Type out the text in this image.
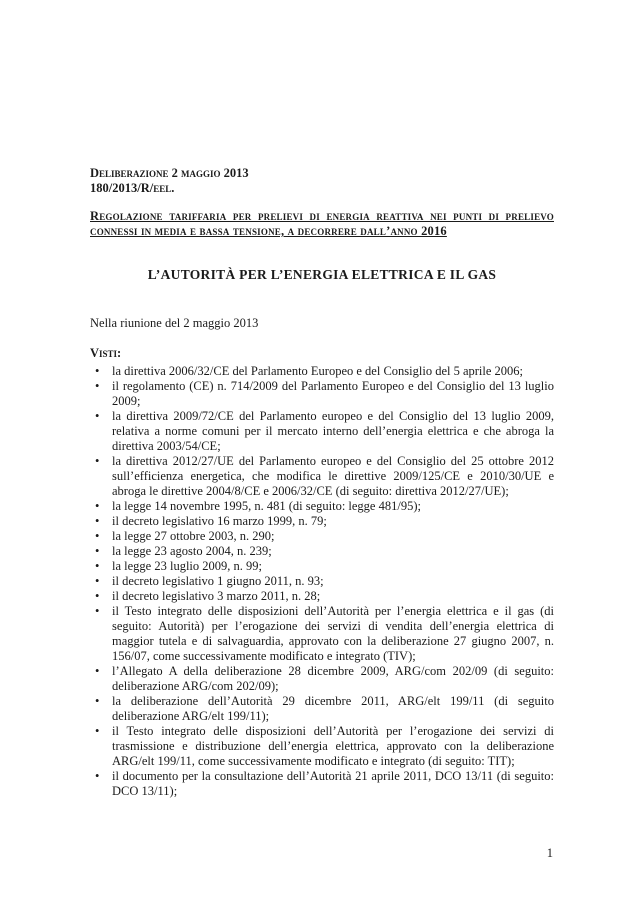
Deliberazione 2 maggio 2013
180/2013/R/eel.
Regolazione tariffaria per prelievi di energia reattiva nei punti di prelievo connessi in media e bassa tensione, a decorrere dall’anno 2016
L’AUTORITÀ PER L’ENERGIA ELETTRICA E IL GAS
Nella riunione del 2 maggio 2013
Visti:
• la direttiva 2006/32/CE del Parlamento Europeo e del Consiglio del 5 aprile 2006;
• il regolamento (CE) n. 714/2009 del Parlamento Europeo e del Consiglio del 13 luglio 2009;
• la direttiva 2009/72/CE del Parlamento europeo e del Consiglio del 13 luglio 2009, relativa a norme comuni per il mercato interno dell’energia elettrica e che abroga la direttiva 2003/54/CE;
• la direttiva 2012/27/UE del Parlamento europeo e del Consiglio del 25 ottobre 2012 sull’efficienza energetica, che modifica le direttive 2009/125/CE e 2010/30/UE e abroga le direttive 2004/8/CE e 2006/32/CE (di seguito: direttiva 2012/27/UE);
• la legge 14 novembre 1995, n. 481 (di seguito: legge 481/95);
• il decreto legislativo 16 marzo 1999, n. 79;
• la legge 27 ottobre 2003, n. 290;
• la legge 23 agosto 2004, n. 239;
• la legge 23 luglio 2009, n. 99;
• il decreto legislativo 1 giugno 2011, n. 93;
• il decreto legislativo 3 marzo 2011, n. 28;
• il Testo integrato delle disposizioni dell’Autorità per l’energia elettrica e il gas (di seguito: Autorità) per l’erogazione dei servizi di vendita dell’energia elettrica di maggior tutela e di salvaguardia, approvato con la deliberazione 27 giugno 2007, n. 156/07, come successivamente modificato e integrato (TIV);
• l’Allegato A della deliberazione 28 dicembre 2009, ARG/com 202/09 (di seguito: deliberazione ARG/com 202/09);
• la deliberazione dell’Autorità 29 dicembre 2011, ARG/elt 199/11 (di seguito deliberazione ARG/elt 199/11);
• il Testo integrato delle disposizioni dell’Autorità per l’erogazione dei servizi di trasmissione e distribuzione dell’energia elettrica, approvato con la deliberazione ARG/elt 199/11, come successivamente modificato e integrato (di seguito: TIT);
• il documento per la consultazione dell’Autorità 21 aprile 2011, DCO 13/11 (di seguito: DCO 13/11);
1
